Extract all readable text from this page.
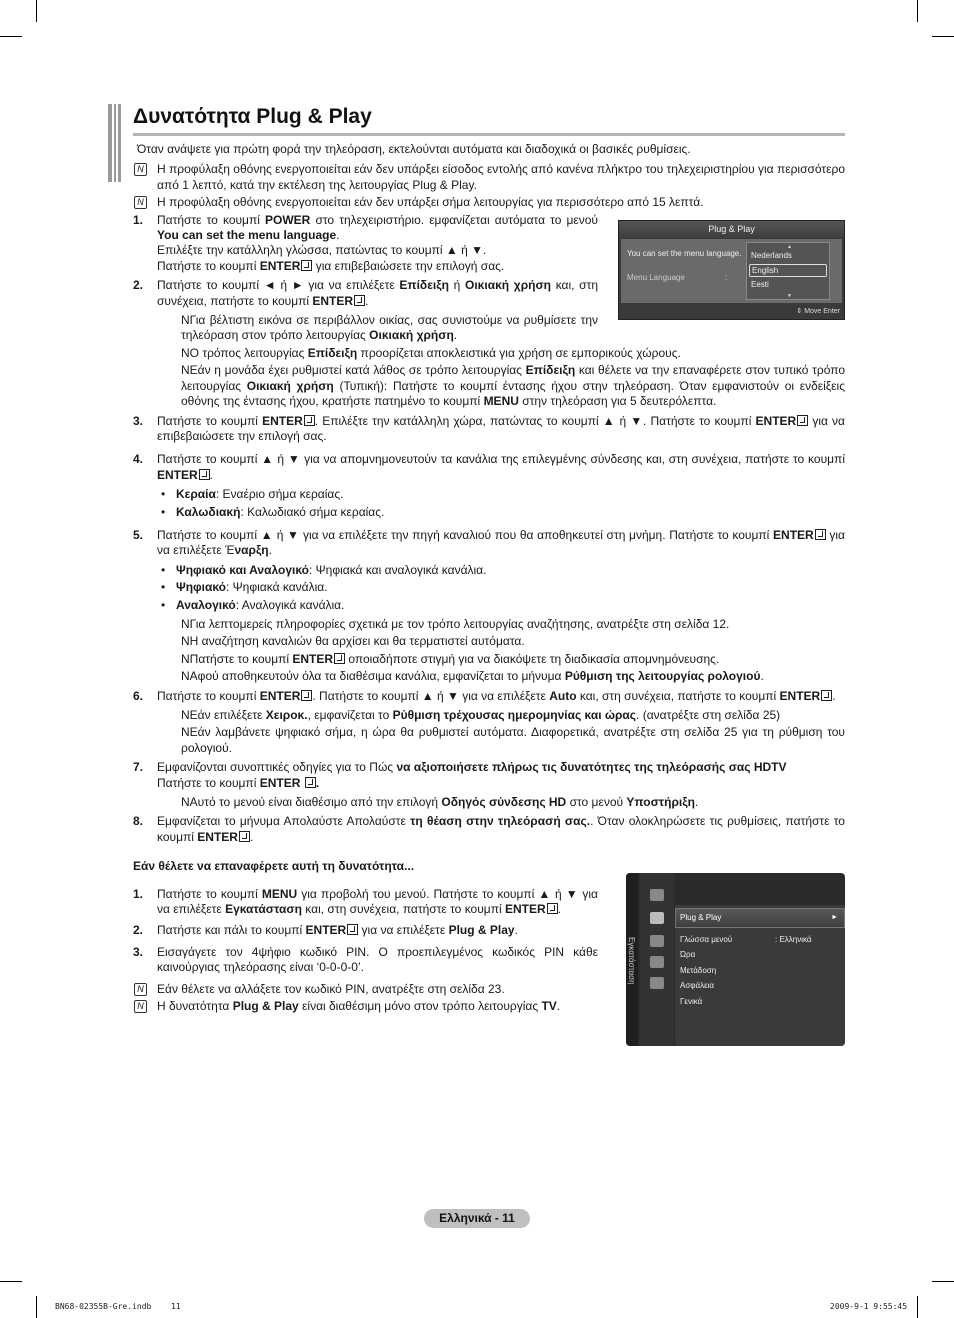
Δυνατότητα Plug & Play

Όταν ανάψετε για πρώτη φορά την τηλεόραση, εκτελούνται αυτόματα και διαδοχικά οι βασικές ρυθμίσεις.

N Η προφύλαξη οθόνης ενεργοποιείται εάν δεν υπάρξει είσοδος εντολής από κανένα πλήκτρο του τηλεχειριστηρίου για περισσότερο από 1 λεπτό, κατά την εκτέλεση της λειτουργίας Plug & Play.
N Η προφύλαξη οθόνης ενεργοποιείται εάν δεν υπάρξει σήμα λειτουργίας για περισσότερο από 15 λεπτά.
1. Πατήστε το κουμπί POWER στο τηλεχειριστήριο. εμφανίζεται αυτόματα το μενού You can set the menu language.
Επιλέξτε την κατάλληλη γλώσσα, πατώντας το κουμπί ▲ ή ▼.
Πατήστε το κουμπί ENTER για επιβεβαιώσετε την επιλογή σας.
2. Πατήστε το κουμπί ◄ ή ► για να επιλέξετε Επίδειξη ή Οικιακή χρήση και, στη συνέχεια, πατήστε το κουμπί ENTER .
NΓια βέλτιστη εικόνα σε περιβάλλον οικίας, σας συνιστούμε να ρυθμίσετε την τηλεόραση στον τρόπο λειτουργίας Οικιακή χρήση.
NΟ τρόπος λειτουργίας Επίδειξη προορίζεται αποκλειστικά για χρήση σε εμπορικούς χώρους.
NΕάν η μονάδα έχει ρυθμιστεί κατά λάθος σε τρόπο λειτουργίας Επίδειξη και θέλετε να την επαναφέρετε στον τυπικό τρόπο λειτουργίας Οικιακή χρήση (Τυπική): Πατήστε το κουμπί έντασης ήχου στην τηλεόραση. Όταν εμφανιστούν οι ενδείξεις οθόνης της έντασης ήχου, κρατήστε πατημένο το κουμπί MENU στην τηλεόραση για 5 δευτερόλεπτα.
3. Πατήστε το κουμπί ENTER . Επιλέξτε την κατάλληλη χώρα, πατώντας το κουμπί ▲ ή ▼. Πατήστε το κουμπί ENTER για να επιβεβαιώσετε την επιλογή σας.
4. Πατήστε το κουμπί ▲ ή ▼ για να απομνημονευτούν τα κανάλια της επιλεγμένης σύνδεσης και, στη συνέχεια, πατήστε το κουμπί ENTER .
• Κεραία: Εναέριο σήμα κεραίας.
• Καλωδιακή: Καλωδιακό σήμα κεραίας.
5. Πατήστε το κουμπί ▲ ή ▼ για να επιλέξετε την πηγή καναλιού που θα αποθηκευτεί στη μνήμη. Πατήστε το κουμπί ENTER για να επιλέξετε Έναρξη.
• Ψηφιακό και Αναλογικό: Ψηφιακά και αναλογικά κανάλια.
• Ψηφιακό: Ψηφιακά κανάλια.
• Αναλογικό: Αναλογικά κανάλια.
NΓια λεπτομερείς πληροφορίες σχετικά με τον τρόπο λειτουργίας αναζήτησης, ανατρέξτε στη σελίδα 12.
NΗ αναζήτηση καναλιών θα αρχίσει και θα τερματιστεί αυτόματα.
NΠατήστε το κουμπί ENTER οποιαδήποτε στιγμή για να διακόψετε τη διαδικασία απομνημόνευσης.
NΑφού αποθηκευτούν όλα τα διαθέσιμα κανάλια, εμφανίζεται το μήνυμα Ρύθμιση της λειτουργίας ρολογιού.
6. Πατήστε το κουμπί ENTER . Πατήστε το κουμπί ▲ ή ▼ για να επιλέξετε Auto και, στη συνέχεια, πατήστε το κουμπί ENTER .
NΕάν επιλέξετε Χειροκ., εμφανίζεται το Ρύθμιση τρέχουσας ημερομηνίας και ώρας. (ανατρέξτε στη σελίδα 25)
NΕάν λαμβάνετε ψηφιακό σήμα, η ώρα θα ρυθμιστεί αυτόματα. Διαφορετικά, ανατρέξτε στη σελίδα 25 για τη ρύθμιση του ρολογιού.
7. Εμφανίζονται συνοπτικές οδηγίες για το Πώς να αξιοποιήσετε πλήρως τις δυνατότητες της τηλεόρασής σας HDTV
Πατήστε το κουμπί ENTER .
NΑυτό το μενού είναι διαθέσιμο από την επιλογή Οδηγός σύνδεσης HD στο μενού Υποστήριξη.
8. Εμφανίζεται το μήνυμα Απολαύστε Απολαύστε τη θέαση στην τηλεόρασή σας.. Όταν ολοκληρώσετε τις ρυθμίσεις, πατήστε το κουμπί ENTER .
Εάν θέλετε να επαναφέρετε αυτή τη δυνατότητα...
1. Πατήστε το κουμπί MENU για προβολή του μενού. Πατήστε το κουμπί ▲ ή ▼ για να επιλέξετε Εγκατάσταση και, στη συνέχεια, πατήστε το κουμπί ENTER .
2. Πατήστε και πάλι το κουμπί ENTER για να επιλέξετε Plug & Play.
3. Εισαγάγετε τον 4ψήφιο κωδικό PIN. Ο προεπιλεγμένος κωδικός PIN κάθε καινούργιας τηλεόρασης είναι ‘0-0-0-0’.
N Εάν θέλετε να αλλάξετε τον κωδικό PIN, ανατρέξτε στη σελίδα 23.
N Η δυνατότητα Plug & Play είναι διαθέσιμη μόνο στον τρόπο λειτουργίας TV.
Plug & Play
You can set the menu language.
Menu Language	:
▲
Nederlands
English
Eesti
▼
⇕ Move Enter
Εγκατάσταση
Plug & Play	►
Γλώσσα μενού	: Ελληνικά
Ώρα
Μετάδοση
Ασφάλεια
Γενικά
Ελληνικά - 11
BN68-02355B-Gre.indb 11	2009-9-1 9:55:45
